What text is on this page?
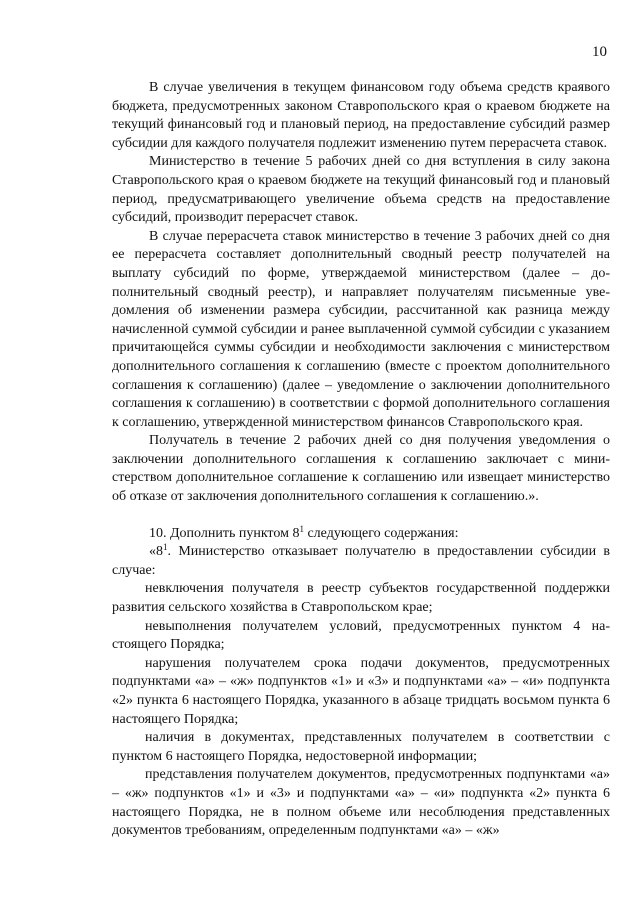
10

В случае увеличения в текущем финансовом году объема средств краявого бюджета, предусмотренных законом Ставропольского края о краевом бюджете на текущий финансовый год и плановый период, на предоставление субсидий размер субсидии для каждого получателя подлежит изменению путем перерасчета ставок.

Министерство в течение 5 рабочих дней со дня вступления в силу закона Ставропольского края о краевом бюджете на текущий финансовый год и плановый период, предусматривающего увеличение объема средств на предоставление субсидий, производит перерасчет ставок.

В случае перерасчета ставок министерство в течение 3 рабочих дней со дня ее перерасчета составляет дополнительный сводный реестр получателей на выплату субсидий по форме, утверждаемой министерством (далее – дополнительный сводный реестр), и направляет получателям письменные уведомления об изменении размера субсидии, рассчитанной как разница между начисленной суммой субсидии и ранее выплаченной суммой субсидии с указанием причитающейся суммы субсидии и необходимости заключения с министерством дополнительного соглашения к соглашению (вместе с проектом дополнительного соглашения к соглашению) (далее – уведомление о заключении дополнительного соглашения к соглашению) в соответствии с формой дополнительного соглашения к соглашению, утвержденной министерством финансов Ставропольского края.

Получатель в течение 2 рабочих дней со дня получения уведомления о заключении дополнительного соглашения к соглашению заключает с министерством дополнительное соглашение к соглашению или извещает министерство об отказе от заключения дополнительного соглашения к соглашению.».

10. Дополнить пунктом $8^1$ следующего содержания:

«$8^1$. Министерство отказывает получателю в предоставлении субсидии в случае:

невключения получателя в реестр субъектов государственной поддержки развития сельского хозяйства в Ставропольском крае;

невыполнения получателем условий, предусмотренных пунктом 4 настоящего Порядка;

нарушения получателем срока подачи документов, предусмотренных подпунктами «а» – «ж» подпунктов «1» и «3» и подпунктами «а» – «и» подпункта «2» пункта 6 настоящего Порядка, указанного в абзаце тридцать восьмом пункта 6 настоящего Порядка;

наличия в документах, представленных получателем в соответствии с пунктом 6 настоящего Порядка, недостоверной информации;

представления получателем документов, предусмотренных подпунктами «а» – «ж» подпунктов «1» и «3» и подпунктами «а» – «и» подпункта «2» пункта 6 настоящего Порядка, не в полном объеме или несоблюдения представленных документов требованиям, определенным подпунктами «а» – «ж»
